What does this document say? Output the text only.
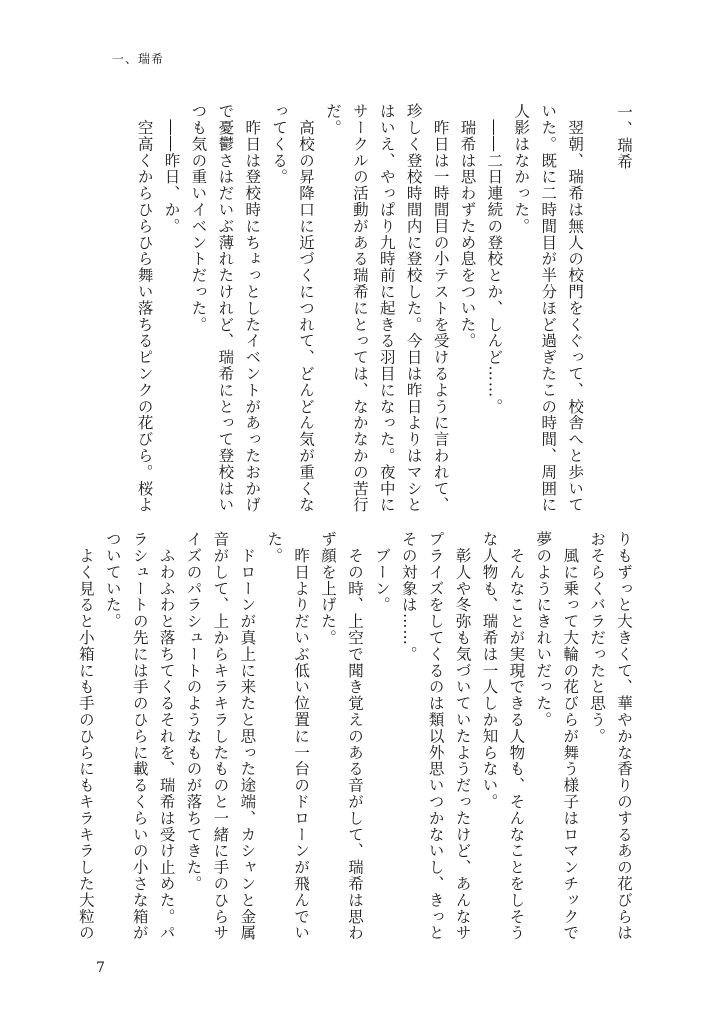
一、瑞希

一、瑞希

　翌朝、瑞希は無人の校門をくぐって、校舎へと歩いて

いた。既に二時間目が半分ほど過ぎたこの時間、周囲に

人影はなかった。

　――二日連続の登校とか、しんど……。

　瑞希は思わずため息をついた。

　昨日は一時間目の小テストを受けるように言われて、

珍しく登校時間内に登校した。今日は昨日よりはマシと

はいえ、やっぱり九時前に起きる羽目になった。夜中に

サークルの活動がある瑞希にとっては、なかなかの苦行

だ。

　高校の昇降口に近づくにつれて、どんどん気が重くな

ってくる。

　昨日は登校時にちょっとしたイベントがあったおかげ

で憂鬱さはだいぶ薄れたけれど、瑞希にとって登校はい

つも気の重いイベントだった。

　――昨日、か。

　空高くからひらひら舞い落ちるピンクの花びら。桜よ

りもずっと大きくて、華やかな香りのするあの花びらは

おそらくバラだったと思う。

　風に乗って大輪の花びらが舞う様子はロマンチックで

夢のようにきれいだった。

　そんなことが実現できる人物も、そんなことをしそう

な人物も、瑞希は一人しか知らない。

　彰人や冬弥も気づいていたようだったけど、あんなサ

プライズをしてくるのは類以外思いつかないし、きっと

その対象は……。

　ブーン。

　その時、上空で聞き覚えのある音がして、瑞希は思わ

ず顔を上げた。

　昨日よりだいぶ低い位置に一台のドローンが飛んでい

た。

　ドローンが真上に来たと思った途端、カシャンと金属

音がして、上からキラキラしたものと一緒に手のひらサ

イズのパラシュートのようなものが落ちてきた。

　ふわふわと落ちてくるそれを、瑞希は受け止めた。パ

ラシュートの先には手のひらに載るくらいの小さな箱が

ついていた。

　よく見ると小箱にも手のひらにもキラキラした大粒の

7
